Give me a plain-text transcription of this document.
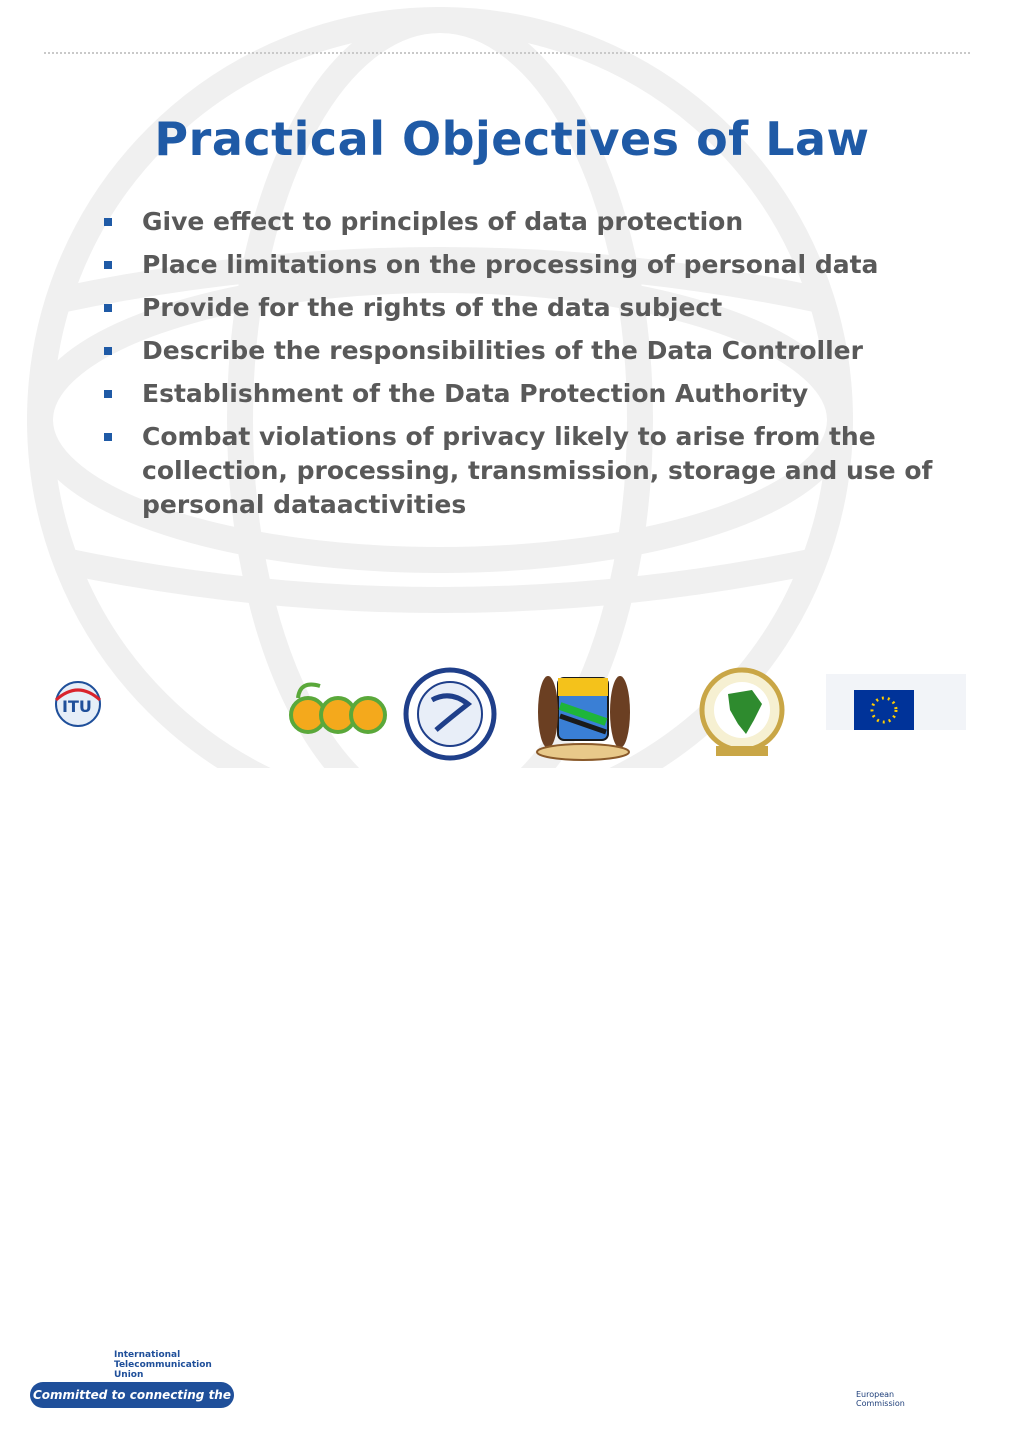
Practical Objectives of Law
Give effect to principles of data protection
Place limitations on the processing of personal data
Provide for the rights of the data subject
Describe the responsibilities of the Data Controller
Establishment of the Data Protection Authority
Combat violations of privacy likely to arise from the collection, processing, transmission, storage and use of personal dataactivities
ITU
International Telecommunication Union
Committed to connecting the world
European Commission
